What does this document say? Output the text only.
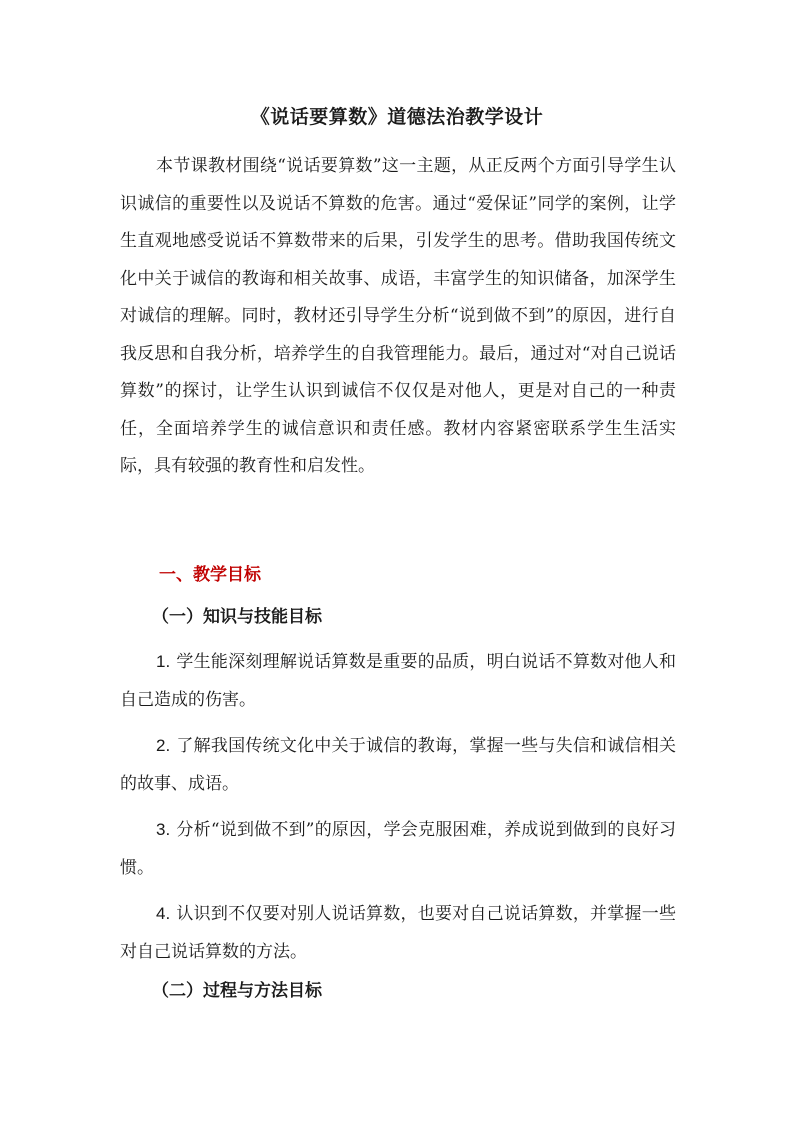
《说话要算数》道德法治教学设计
本节课教材围绕“说话要算数”这一主题，从正反两个方面引导学生认识诚信的重要性以及说话不算数的危害。通过“爱保证”同学的案例，让学生直观地感受说话不算数带来的后果，引发学生的思考。借助我国传统文化中关于诚信的教诲和相关故事、成语，丰富学生的知识储备，加深学生对诚信的理解。同时，教材还引导学生分析“说到做不到”的原因，进行自我反思和自我分析，培养学生的自我管理能力。最后，通过对“对自己说话算数”的探讨，让学生认识到诚信不仅仅是对他人，更是对自己的一种责任，全面培养学生的诚信意识和责任感。教材内容紧密联系学生生活实际，具有较强的教育性和启发性。
一、教学目标
（一）知识与技能目标
1. 学生能深刻理解说话算数是重要的品质，明白说话不算数对他人和自己造成的伤害。
2. 了解我国传统文化中关于诚信的教诲，掌握一些与失信和诚信相关的故事、成语。
3. 分析“说到做不到”的原因，学会克服困难，养成说到做到的良好习惯。
4. 认识到不仅要对别人说话算数，也要对自己说话算数，并掌握一些对自己说话算数的方法。
（二）过程与方法目标
